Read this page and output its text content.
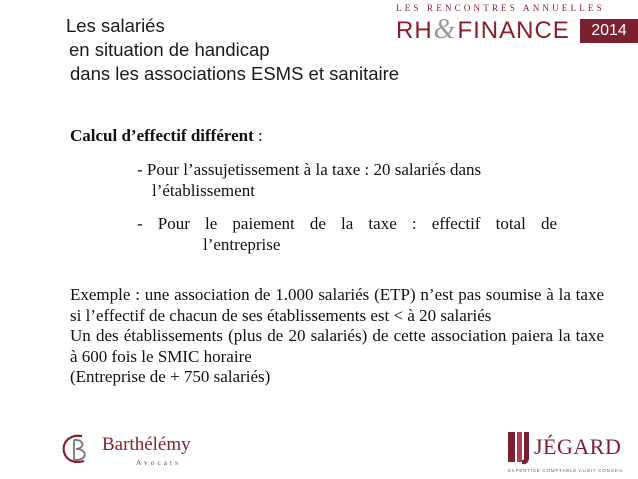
Les salariés
en situation de handicap
dans les associations ESMS et sanitaire
LES RENCONTRES ANNUELLES
RH&FINANCE	2014
Calcul d’effectif différent :
- Pour l’assujetissement à la taxe : 20 salariés dans
l’établissement
- Pour le paiement de la taxe : effectif total de
l’entreprise

Exemple : une association de 1.000 salariés (ETP) n’est pas soumise à la taxe si l’effectif de chacun de ses établissements est < à 20 salariés

Un des établissements (plus de 20 salariés) de cette association paiera la taxe à 600 fois le SMIC horaire

(Entreprise de + 750 salariés)

Barthélémy
Avocats
JÉGARD
EXPERTISE COMPTABLE AUDIT CONSEIL
